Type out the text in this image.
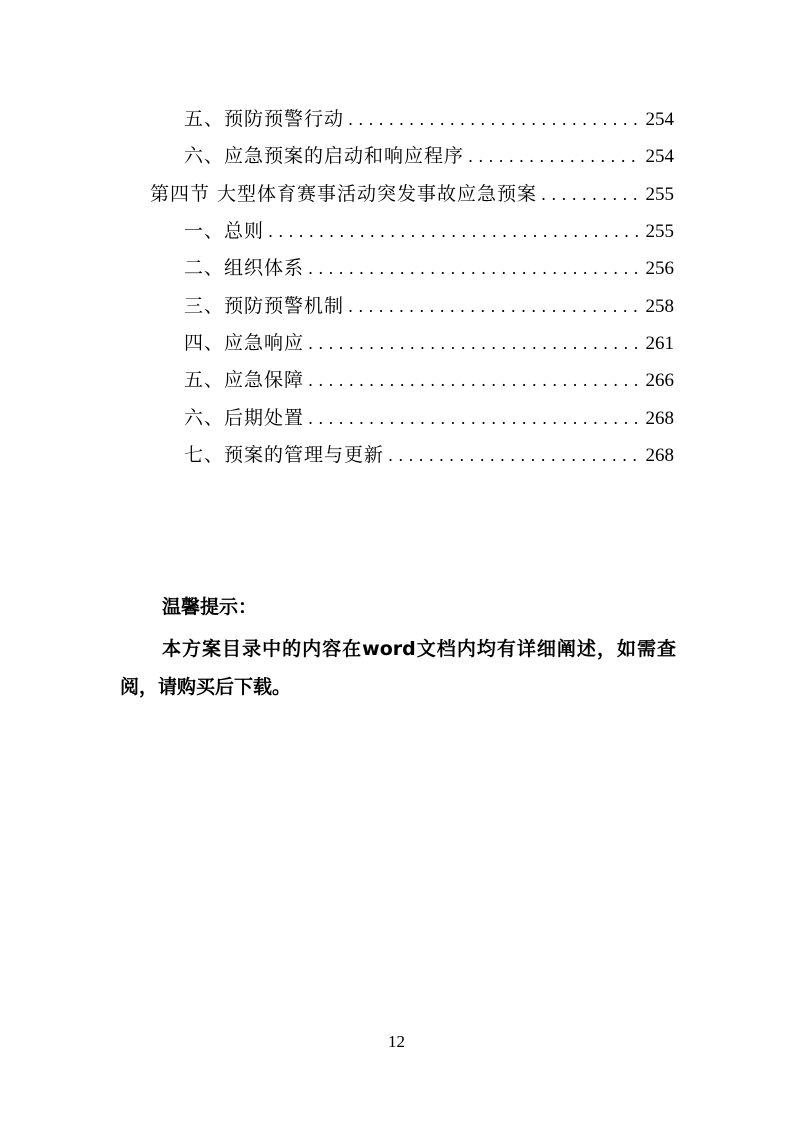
五、预防预警行动 . . .	254
六、应急预案的启动和响应程序 . . .	254
第四节 大型体育赛事活动突发事故应急预案 . . .	255
一、总则 . . .	255
二、组织体系 . . .	256
三、预防预警机制 . . .	258
四、应急响应 . . .	261
五、应急保障 . . .	266
六、后期处置 . . .	268
七、预案的管理与更新 . . .	268
温馨提示：
本方案目录中的内容在word文档内均有详细阐述，如需查阅，请购买后下载。
12
